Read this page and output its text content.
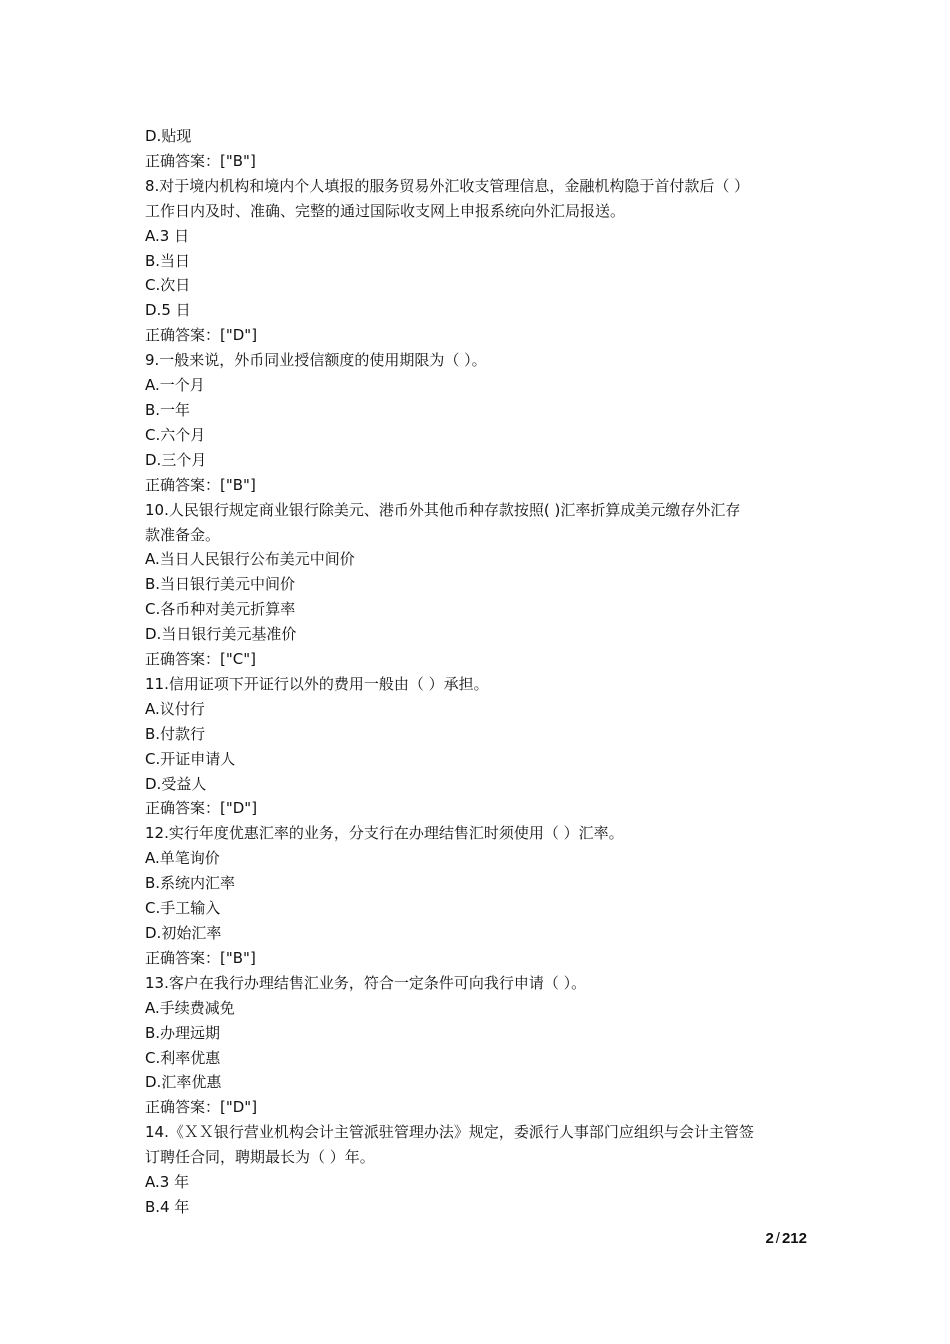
D.贴现
正确答案：["B"]
8.对于境内机构和境内个人填报的服务贸易外汇收支管理信息，金融机构隐于首付款后（ ）
工作日内及时、准确、完整的通过国际收支网上申报系统向外汇局报送。
A.3 日
B.当日
C.次日
D.5 日
正确答案：["D"]
9.一般来说，外币同业授信额度的使用期限为（ ）。
A.一个月
B.一年
C.六个月
D.三个月
正确答案：["B"]
10.人民银行规定商业银行除美元、港币外其他币种存款按照( )汇率折算成美元缴存外汇存
款准备金。
A.当日人民银行公布美元中间价
B.当日银行美元中间价
C.各币种对美元折算率
D.当日银行美元基准价
正确答案：["C"]
11.信用证项下开证行以外的费用一般由（ ）承担。
A.议付行
B.付款行
C.开证申请人
D.受益人
正确答案：["D"]
12.实行年度优惠汇率的业务，分支行在办理结售汇时须使用（ ）汇率。
A.单笔询价
B.系统内汇率
C.手工输入
D.初始汇率
正确答案：["B"]
13.客户在我行办理结售汇业务，符合一定条件可向我行申请（ ）。
A.手续费减免
B.办理远期
C.利率优惠
D.汇率优惠
正确答案：["D"]
14.《ＸＸ银行营业机构会计主管派驻管理办法》规定，委派行人事部门应组织与会计主管签
订聘任合同，聘期最长为（ ）年。
A.3 年
B.4 年
2 / 212
